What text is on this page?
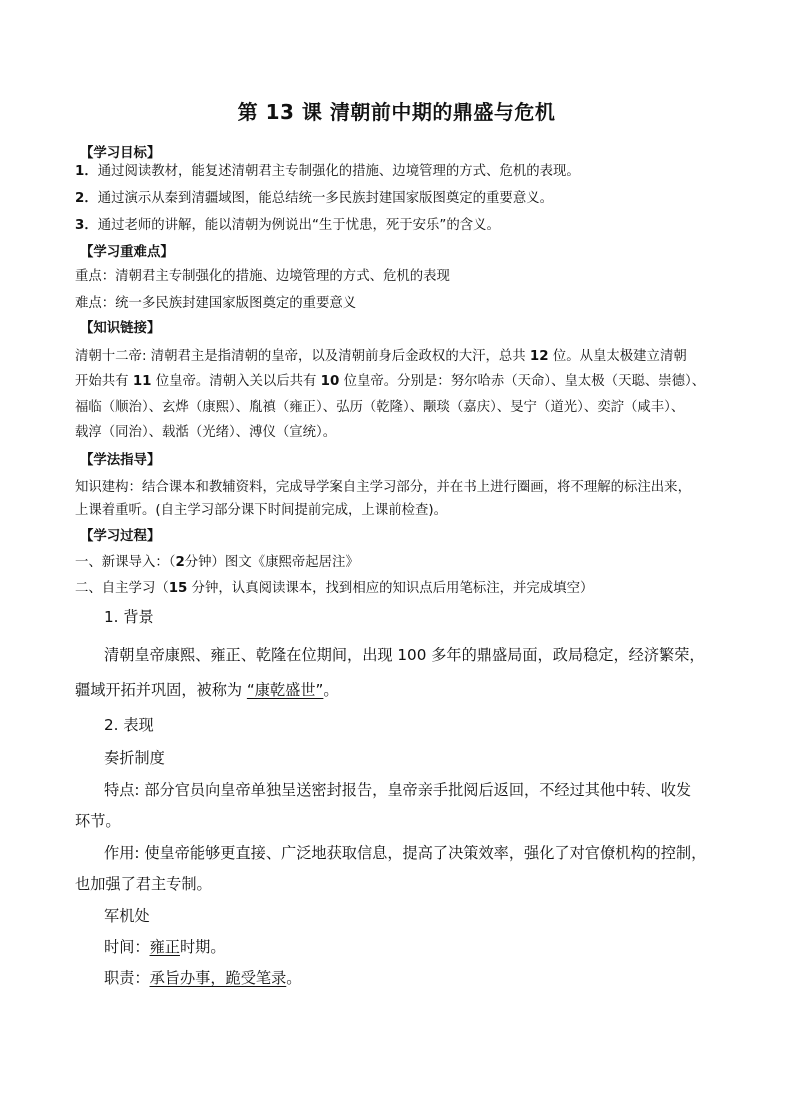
第 13 课 清朝前中期的鼎盛与危机
【学习目标】
1．通过阅读教材，能复述清朝君主专制强化的措施、边境管理的方式、危机的表现。
2．通过演示从秦到清疆域图，能总结统一多民族封建国家版图奠定的重要意义。
3．通过老师的讲解，能以清朝为例说出“生于忧患，死于安乐”的含义。
【学习重难点】
重点：清朝君主专制强化的措施、边境管理的方式、危机的表现
难点：统一多民族封建国家版图奠定的重要意义
【知识链接】
清朝十二帝: 清朝君主是指清朝的皇帝，以及清朝前身后金政权的大汗，总共 12 位。从皇太极建立清朝
开始共有 11 位皇帝。清朝入关以后共有 10 位皇帝。分别是：努尔哈赤（天命）、皇太极（天聪、崇德）、
福临（顺治）、玄烨（康熙）、胤禛（雍正）、弘历（乾隆）、颙琰（嘉庆）、旻宁（道光）、奕詝（咸丰）、
载淳（同治）、载湉（光绪）、溥仪（宣统）。
【学法指导】
知识建构：结合课本和教辅资料，完成导学案自主学习部分，并在书上进行圈画，将不理解的标注出来，
上课着重听。(自主学习部分课下时间提前完成，上课前检查)。
【学习过程】
一、新课导入：（2分钟）图文《康熙帝起居注》
二、自主学习（15 分钟，认真阅读课本，找到相应的知识点后用笔标注，并完成填空）
1. 背景
清朝皇帝康熙、雍正、乾隆在位期间，出现 100 多年的鼎盛局面，政局稳定，经济繁荣，
疆域开拓并巩固，被称为 “康乾盛世”。
2. 表现
奏折制度
特点: 部分官员向皇帝单独呈送密封报告，皇帝亲手批阅后返回，不经过其他中转、收发
环节。
作用: 使皇帝能够更直接、广泛地获取信息，提高了决策效率，强化了对官僚机构的控制，
也加强了君主专制。
军机处
时间：雍正时期。
职责：承旨办事，跪受笔录。
